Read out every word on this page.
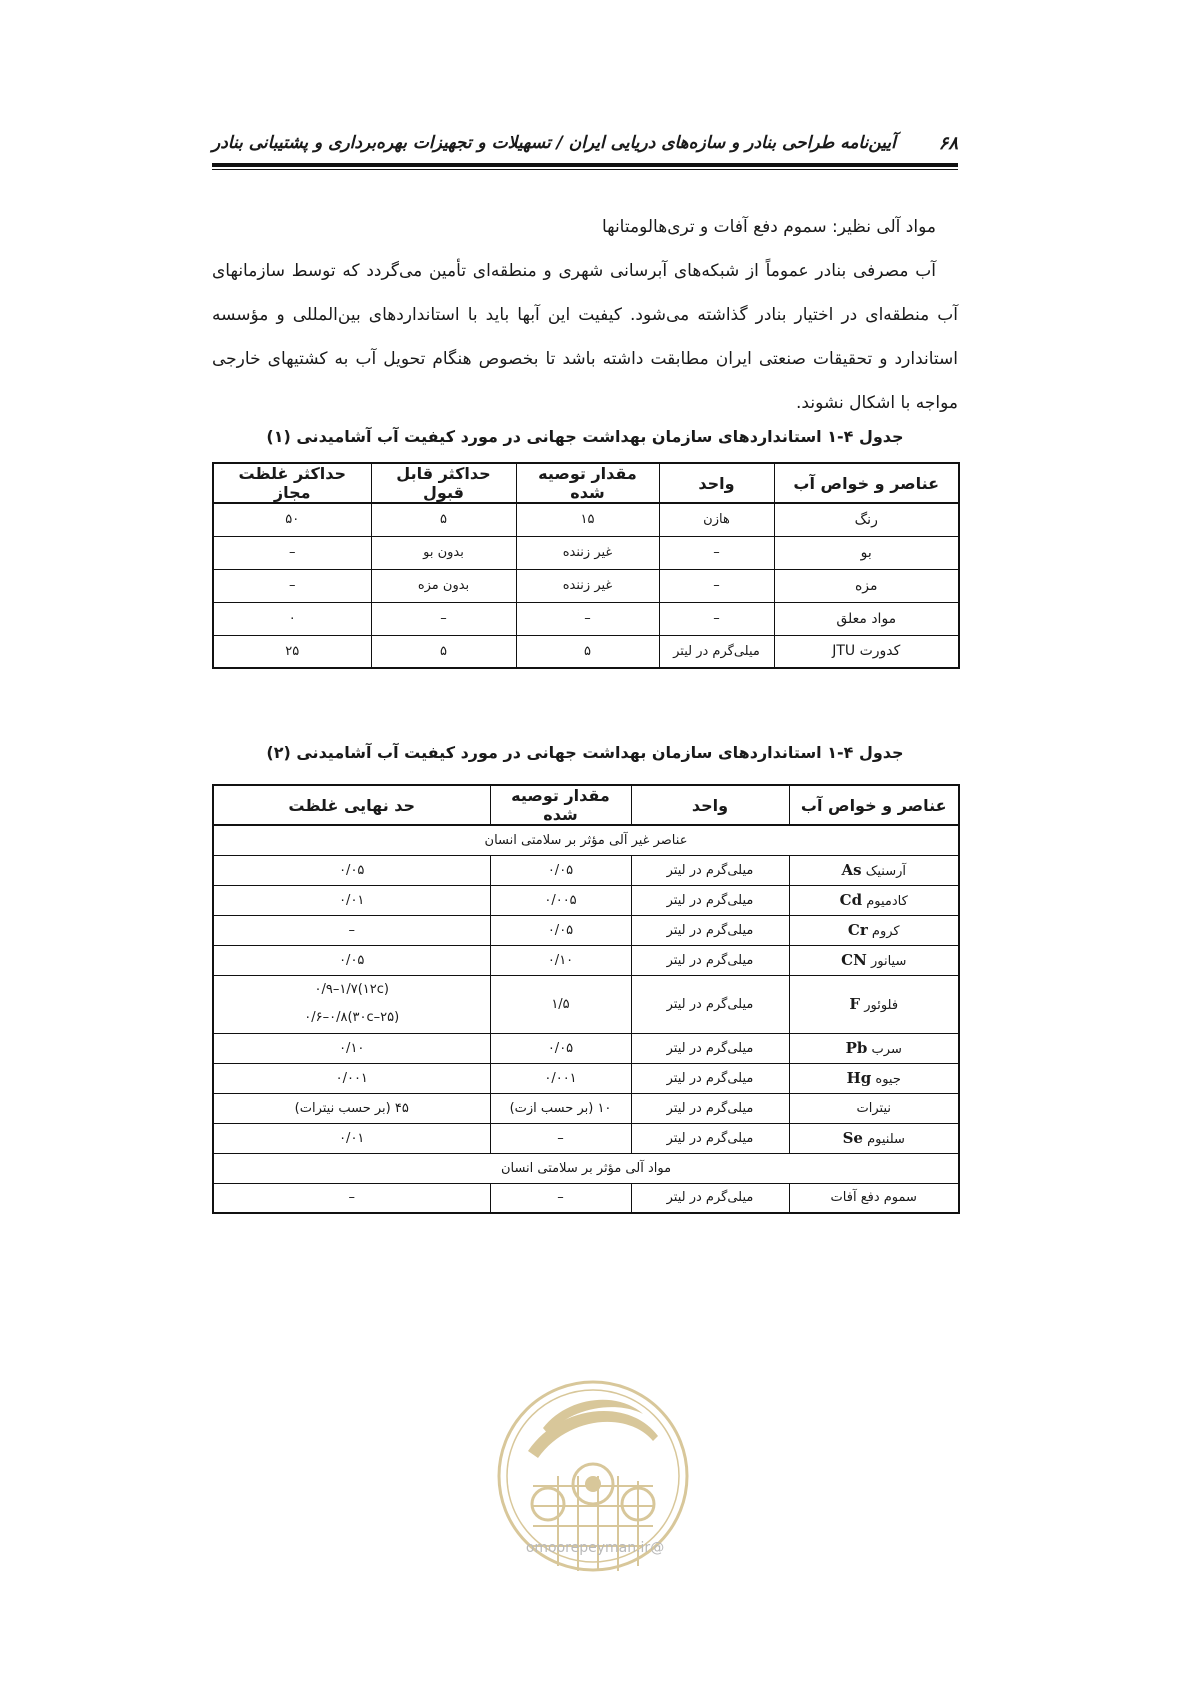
۶۸
آیین‌نامه طراحی بنادر و سازه‌های دریایی ایران / تسهیلات و تجهیزات بهره‌برداری و پشتیبانی بنادر

مواد آلی نظیر: سموم دفع آفات و تری‌هالومتانها

آب مصرفی بنادر عموماً از شبکه‌های آبرسانی شهری و منطقه‌ای تأمین می‌گردد که توسط سازمانهای آب منطقه‌ای در اختیار بنادر گذاشته می‌شود. کیفیت این آبها باید با استانداردهای بین‌المللی و مؤسسه استاندارد و تحقیقات صنعتی ایران مطابقت داشته باشد تا بخصوص هنگام تحویل آب به کشتیهای خارجی مواجه با اشکال نشوند.

جدول ۴-۱ استانداردهای سازمان بهداشت جهانی در مورد کیفیت آب آشامیدنی (۱)
عناصر و خواص آب	واحد	مقدار توصیه شده	حداکثر قابل قبول	حداکثر غلظت مجاز
رنگ	هازن	۱۵	۵	۵۰
بو	–	غیر زننده	بدون بو	–
مزه	–	غیر زننده	بدون مزه	–
مواد معلق	–	–	–	۰
کدورت JTU	میلی‌گرم در لیتر	۵	۵	۲۵
جدول ۴-۱ استانداردهای سازمان بهداشت جهانی در مورد کیفیت آب آشامیدنی (۲)
عناصر و خواص آب	واحد	مقدار توصیه شده	حد نهایی غلظت
عناصر غیر آلی مؤثر بر سلامتی انسان			
آرسنیک As	میلی‌گرم در لیتر	۰/۰۵	۰/۰۵
کادمیوم Cd	میلی‌گرم در لیتر	۰/۰۰۵	۰/۰۱
کروم Cr	میلی‌گرم در لیتر	۰/۰۵	–
سیانور CN	میلی‌گرم در لیتر	۰/۱۰	۰/۰۵
فلوئور F	میلی‌گرم در لیتر	۱/۵	(۱۲c)۰/۹–۱/۷
(۲۵–۳۰c)۰/۶–۰/۸

سرب Pb	میلی‌گرم در لیتر	۰/۰۵	۰/۱۰
جیوه Hg	میلی‌گرم در لیتر	۰/۰۰۱	۰/۰۰۱
نیترات	میلی‌گرم در لیتر	۱۰ (بر حسب ازت)	۴۵ (بر حسب نیترات)
سلنیوم Se	میلی‌گرم در لیتر	–	۰/۰۱
مواد آلی مؤثر بر سلامتی انسان			
سموم دفع آفات	میلی‌گرم در لیتر	–	–
@omoorepeyman.ir
